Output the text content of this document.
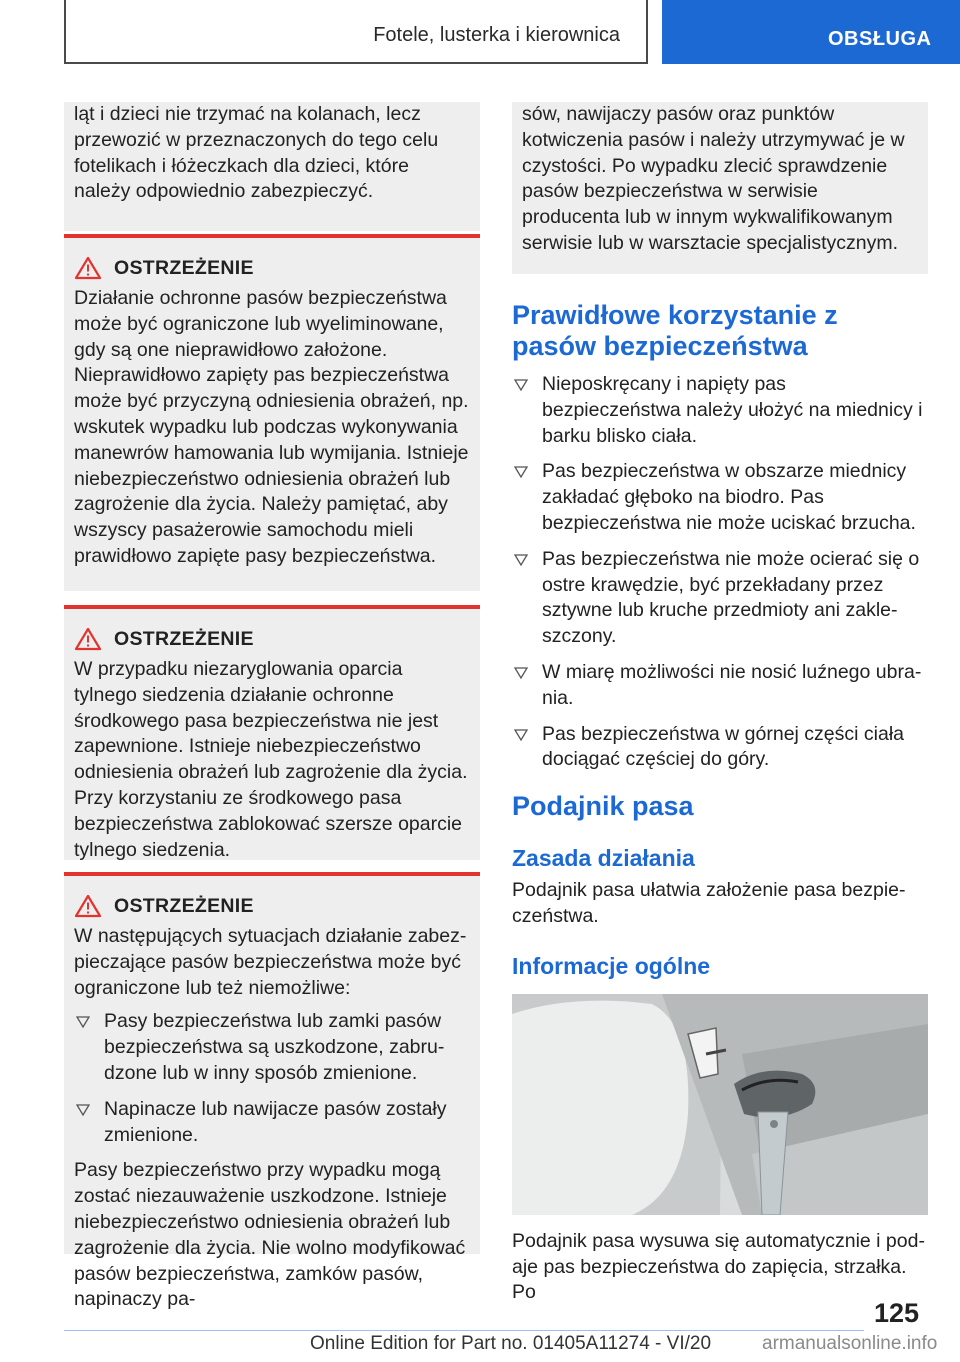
Fotele, lusterka i kierownica	OBSŁUGA

ląt i dzieci nie trzymać na kolanach, lecz przewozić w przeznaczonych do tego celu fotelikach i łóżeczkach dla dzieci, które należy odpowiednio zabezpieczyć.

OSTRZEŻENIE

Działanie ochronne pasów bezpieczeństwa może być ograniczone lub wyeliminowane, gdy są one nieprawidłowo założone. Nieprawidłowo zapięty pas bezpieczeństwa może być przyczyną odniesienia obrażeń, np. wskutek wypadku lub podczas wykonywania manewrów hamowania lub wymijania. Istnieje niebezpieczeństwo odniesienia obrażeń lub zagrożenie dla życia. Należy pamiętać, aby wszyscy pasażerowie samochodu mieli prawidłowo zapięte pasy bezpieczeństwa.

OSTRZEŻENIE

W przypadku niezaryglowania oparcia tylnego siedzenia działanie ochronne środkowego pasa bezpieczeństwa nie jest zapewnione. Istnieje niebezpieczeństwo odniesienia obrażeń lub zagrożenie dla życia. Przy korzystaniu ze środkowego pasa bezpieczeństwa zablokować szersze oparcie tylnego siedzenia.

OSTRZEŻENIE

W następujących sytuacjach działanie zabezpieczające pasów bezpieczeństwa może być ograniczone lub też niemożliwe:

Pasy bezpieczeństwa lub zamki pasów bezpieczeństwa są uszkodzone, zabrudzone lub w inny sposób zmienione.
Napinacze lub nawijacze pasów zostały zmienione.

Pasy bezpieczeństwo przy wypadku mogą zostać niezauważenie uszkodzone. Istnieje niebezpieczeństwo odniesienia obrażeń lub zagrożenie dla życia. Nie wolno modyfikować pasów bezpieczeństwa, zamków pasów, napinaczy pa-

sów, nawijaczy pasów oraz punktów kotwiczenia pasów i należy utrzymywać je w czystości. Po wypadku zlecić sprawdzenie pasów bezpieczeństwa w serwisie producenta lub w innym wykwalifikowanym serwisie lub w warsztacie specjalistycznym.

Prawidłowe korzystanie z pasów bezpieczeństwa
Nieposkręcany i napięty pas bezpieczeństwa należy ułożyć na miednicy i barku blisko ciała.
Pas bezpieczeństwa w obszarze miednicy zakładać głęboko na biodro. Pas bezpieczeństwa nie może uciskać brzucha.
Pas bezpieczeństwa nie może ocierać się o ostre krawędzie, być przekładany przez sztywne lub kruche przedmioty ani zakleszczony.
W miarę możliwości nie nosić luźnego ubrania.
Pas bezpieczeństwa w górnej części ciała dociągać częściej do góry.
Podajnik pasa
Zasada działania

Podajnik pasa ułatwia założenie pasa bezpieczeństwa.

Informacje ogólne

Podajnik pasa wysuwa się automatycznie i podaje pas bezpieczeństwa do zapięcia, strzałka. Po

125
Online Edition for Part no. 01405A11274 - VI/20	armanualsonline.info
